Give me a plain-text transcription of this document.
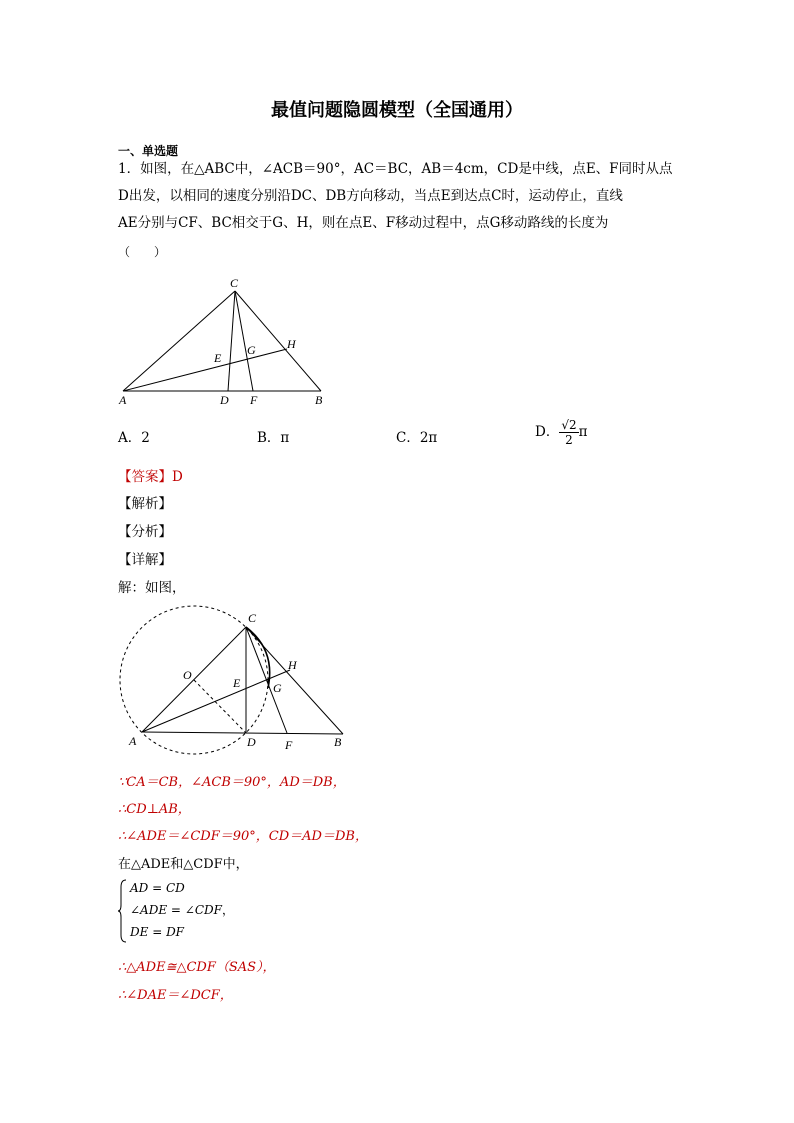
最值问题隐圆模型（全国通用）
一、单选题
1．如图，在△ABC中，∠ACB＝90°，AC＝BC，AB＝4cm，CD是中线，点E、F同时从点
D出发，以相同的速度分别沿DC、DB方向移动，当点E到达点C时，运动停止，直线
AE分别与CF、BC相交于G、H，则在点E、F移动过程中，点G移动路线的长度为
（　　）
C
H
E
G
A	D F	B
C
H
O
E	G
A	D F	B
A．2	B．π	C．2π	D． $\frac{√2}{2}$ π
【答案】D
【解析】
【分析】
【详解】
解：如图，
∵CA＝CB，∠ACB＝90°，AD＝DB，
∴CD⊥AB，
∴∠ADE＝∠CDF＝90°，CD＝AD＝DB，
在△ADE和△CDF中，
AD = CD
∠ADE = ∠CDF，
DE = DF
∴△ADE≅△CDF（SAS），
∴∠DAE＝∠DCF，
